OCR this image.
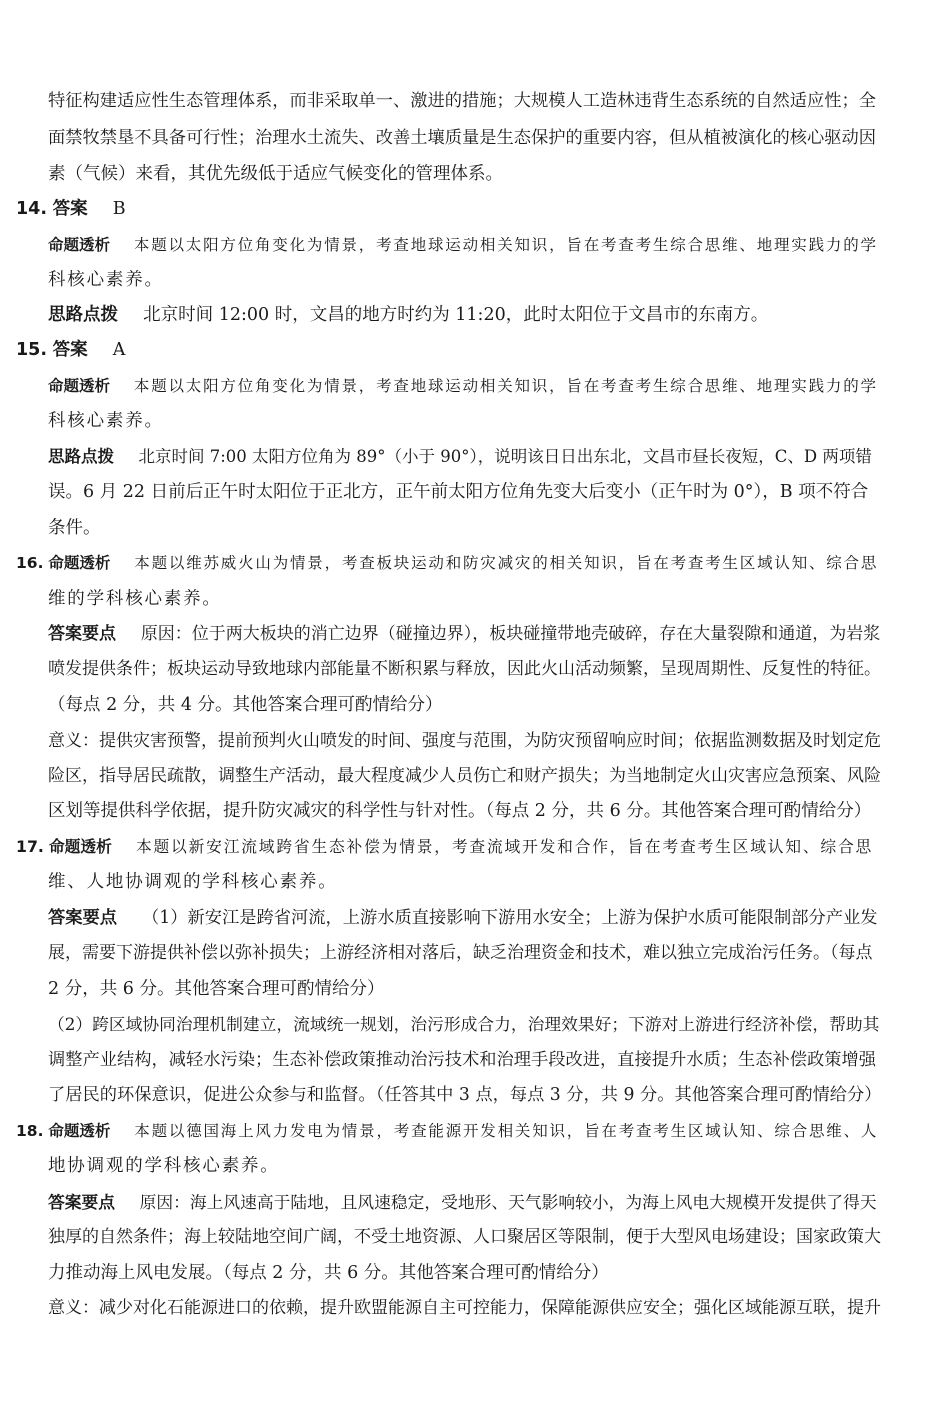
特征构建适应性生态管理体系，而非采取单一、激进的措施；大规模人工造林违背生态系统的自然适应性；全
面禁牧禁垦不具备可行性；治理水土流失、改善土壤质量是生态保护的重要内容，但从植被演化的核心驱动因
素（气候）来看，其优先级低于适应气候变化的管理体系。
14. 答案 B
命题透析 本题以太阳方位角变化为情景，考查地球运动相关知识，旨在考查考生综合思维、地理实践力的学
科核心素养。
思路点拨 北京时间 12:00 时，文昌的地方时约为 11:20，此时太阳位于文昌市的东南方。
15. 答案 A
命题透析 本题以太阳方位角变化为情景，考查地球运动相关知识，旨在考查考生综合思维、地理实践力的学
科核心素养。
思路点拨 北京时间 7:00 太阳方位角为 89°（小于 90°），说明该日日出东北，文昌市昼长夜短，C、D 两项错
误。6 月 22 日前后正午时太阳位于正北方，正午前太阳方位角先变大后变小（正午时为 0°），B 项不符合
条件。
16. 命题透析 本题以维苏威火山为情景，考查板块运动和防灾减灾的相关知识，旨在考查考生区域认知、综合思
维的学科核心素养。
答案要点 原因：位于两大板块的消亡边界（碰撞边界），板块碰撞带地壳破碎，存在大量裂隙和通道，为岩浆
喷发提供条件；板块运动导致地球内部能量不断积累与释放，因此火山活动频繁，呈现周期性、反复性的特征。
（每点 2 分，共 4 分。其他答案合理可酌情给分）
意义：提供灾害预警，提前预判火山喷发的时间、强度与范围，为防灾预留响应时间；依据监测数据及时划定危
险区，指导居民疏散，调整生产活动，最大程度减少人员伤亡和财产损失；为当地制定火山灾害应急预案、风险
区划等提供科学依据，提升防灾减灾的科学性与针对性。（每点 2 分，共 6 分。其他答案合理可酌情给分）
17. 命题透析 本题以新安江流域跨省生态补偿为情景，考查流域开发和合作，旨在考查考生区域认知、综合思
维、人地协调观的学科核心素养。
答案要点 （1）新安江是跨省河流，上游水质直接影响下游用水安全；上游为保护水质可能限制部分产业发
展，需要下游提供补偿以弥补损失；上游经济相对落后，缺乏治理资金和技术，难以独立完成治污任务。（每点
2 分，共 6 分。其他答案合理可酌情给分）
（2）跨区域协同治理机制建立，流域统一规划，治污形成合力，治理效果好；下游对上游进行经济补偿，帮助其
调整产业结构，减轻水污染；生态补偿政策推动治污技术和治理手段改进，直接提升水质；生态补偿政策增强
了居民的环保意识，促进公众参与和监督。（任答其中 3 点，每点 3 分，共 9 分。其他答案合理可酌情给分）
18. 命题透析 本题以德国海上风力发电为情景，考查能源开发相关知识，旨在考查考生区域认知、综合思维、人
地协调观的学科核心素养。
答案要点 原因：海上风速高于陆地，且风速稳定，受地形、天气影响较小，为海上风电大规模开发提供了得天
独厚的自然条件；海上较陆地空间广阔，不受土地资源、人口聚居区等限制，便于大型风电场建设；国家政策大
力推动海上风电发展。（每点 2 分，共 6 分。其他答案合理可酌情给分）
意义：减少对化石能源进口的依赖，提升欧盟能源自主可控能力，保障能源供应安全；强化区域能源互联，提升
